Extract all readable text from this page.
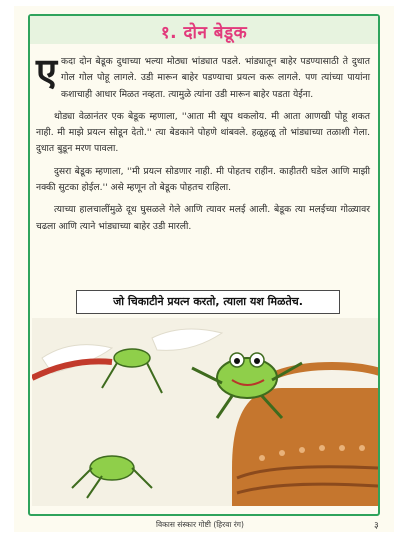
१. दोन बेडूक

एकदा दोन बेडूक दुधाच्या भल्या मोठ्या भांड्यात पडले. भांड्यातून बाहेर पडण्यासाठी ते दुधात गोल गोल पोहू लागले. उडी मारून बाहेर पडण्याचा प्रयत्न करू लागले. पण त्यांच्या पायांना कशाचाही आधार मिळत नव्हता. त्यामुळे त्यांना उडी मारून बाहेर पडता येईना.

थोड्या वेळानंतर एक बेडूक म्हणाला, ''आता मी खूप थकलोय. मी आता आणखी पोहू शकत नाही. मी माझे प्रयत्न सोडून देतो.'' त्या बेडकाने पोहणे थांबवले. हळूहळू तो भांड्याच्या तळाशी गेला. दुधात बुडून मरण पावला.

दुसरा बेडूक म्हणाला, ''मी प्रयत्न सोडणार नाही. मी पोहतच राहीन. काहीतरी घडेल आणि माझी नक्की सुटका होईल.'' असे म्हणून तो बेडूक पोहतच राहिला.

त्याच्या हालचालींमुळे दूध घुसळले गेले आणि त्यावर मलई आली. बेडूक त्या मलईच्या गोळ्यावर चढला आणि त्याने भांड्याच्या बाहेर उडी मारली.

जो चिकाटीने प्रयत्न करतो, त्याला यश मिळतेच.
विकास संस्कार गोष्टी (हिरवा रंग)	३
